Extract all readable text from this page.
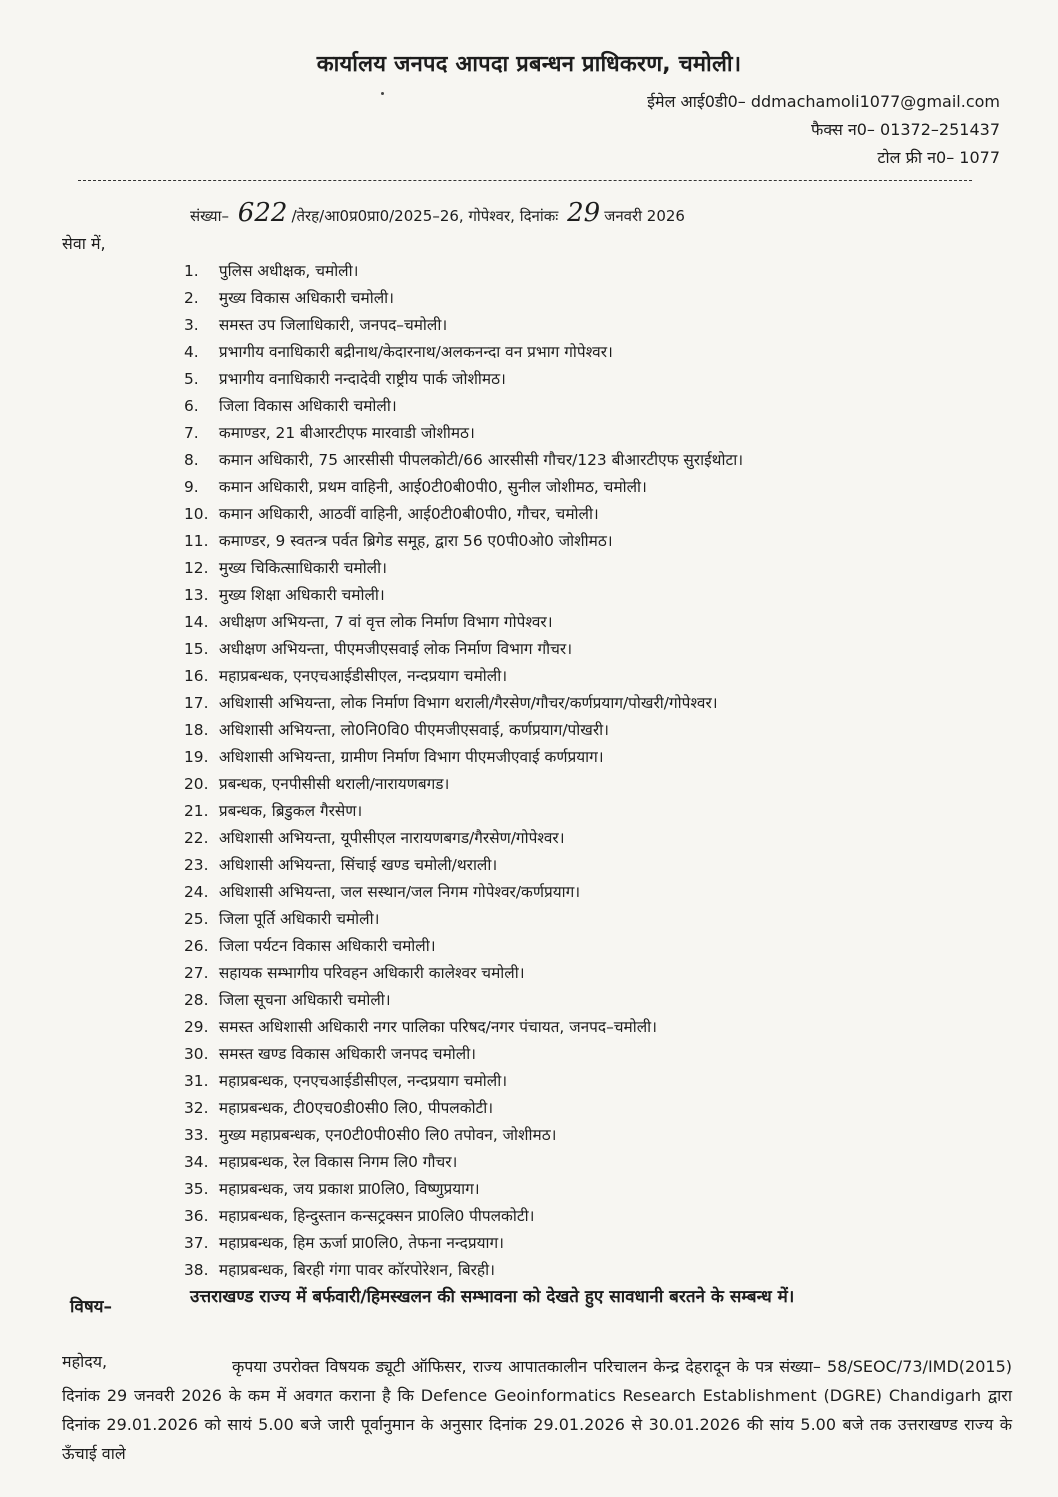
कार्यालय जनपद आपदा प्रबन्धन प्राधिकरण, चमोली।
ईमेल आई0डी0– ddmachamoli1077@gmail.com
फैक्स न0– 01372–251437
टोल फ्री न0– 1077
संख्या– 622 /तेरह/आ0प्र0प्रा0/2025–26, गोपेश्वर, दिनांकः 29 जनवरी 2026
सेवा में,
1. पुलिस अधीक्षक, चमोली।
2. मुख्य विकास अधिकारी चमोली।
3. समस्त उप जिलाधिकारी, जनपद–चमोली।
4. प्रभागीय वनाधिकारी बद्रीनाथ/केदारनाथ/अलकनन्दा वन प्रभाग गोपेश्वर।
5. प्रभागीय वनाधिकारी नन्दादेवी राष्ट्रीय पार्क जोशीमठ।
6. जिला विकास अधिकारी चमोली।
7. कमाण्डर, 21 बीआरटीएफ मारवाडी जोशीमठ।
8. कमान अधिकारी, 75 आरसीसी पीपलकोटी/66 आरसीसी गौचर/123 बीआरटीएफ सुराईथोटा।
9. कमान अधिकारी, प्रथम वाहिनी, आई0टी0बी0पी0, सुनील जोशीमठ, चमोली।
10. कमान अधिकारी, आठवीं वाहिनी, आई0टी0बी0पी0, गौचर, चमोली।
11. कमाण्डर, 9 स्वतन्त्र पर्वत ब्रिगेड समूह, द्वारा 56 ए0पी0ओ0 जोशीमठ।
12. मुख्य चिकित्साधिकारी चमोली।
13. मुख्य शिक्षा अधिकारी चमोली।
14. अधीक्षण अभियन्ता, 7 वां वृत्त लोक निर्माण विभाग गोपेश्वर।
15. अधीक्षण अभियन्ता, पीएमजीएसवाई लोक निर्माण विभाग गौचर।
16. महाप्रबन्धक, एनएचआईडीसीएल, नन्दप्रयाग चमोली।
17. अधिशासी अभियन्ता, लोक निर्माण विभाग थराली/गैरसेण/गौचर/कर्णप्रयाग/पोखरी/गोपेश्वर।
18. अधिशासी अभियन्ता, लो0नि0वि0 पीएमजीएसवाई, कर्णप्रयाग/पोखरी।
19. अधिशासी अभियन्ता, ग्रामीण निर्माण विभाग पीएमजीएवाई कर्णप्रयाग।
20. प्रबन्धक, एनपीसीसी थराली/नारायणबगड।
21. प्रबन्धक, ब्रिडुकल गैरसेण।
22. अधिशासी अभियन्ता, यूपीसीएल नारायणबगड/गैरसेण/गोपेश्वर।
23. अधिशासी अभियन्ता, सिंचाई खण्ड चमोली/थराली।
24. अधिशासी अभियन्ता, जल सस्थान/जल निगम गोपेश्वर/कर्णप्रयाग।
25. जिला पूर्ति अधिकारी चमोली।
26. जिला पर्यटन विकास अधिकारी चमोली।
27. सहायक सम्भागीय परिवहन अधिकारी कालेश्वर चमोली।
28. जिला सूचना अधिकारी चमोली।
29. समस्त अधिशासी अधिकारी नगर पालिका परिषद/नगर पंचायत, जनपद–चमोली।
30. समस्त खण्ड विकास अधिकारी जनपद चमोली।
31. महाप्रबन्धक, एनएचआईडीसीएल, नन्दप्रयाग चमोली।
32. महाप्रबन्धक, टी0एच0डी0सी0 लि0, पीपलकोटी।
33. मुख्य महाप्रबन्धक, एन0टी0पी0सी0 लि0 तपोवन, जोशीमठ।
34. महाप्रबन्धक, रेल विकास निगम लि0 गौचर।
35. महाप्रबन्धक, जय प्रकाश प्रा0लि0, विष्णुप्रयाग।
36. महाप्रबन्धक, हिन्दुस्तान कन्सट्रक्सन प्रा0लि0 पीपलकोटी।
37. महाप्रबन्धक, हिम ऊर्जा प्रा0लि0, तेफना नन्दप्रयाग।
38. महाप्रबन्धक, बिरही गंगा पावर कॉरपोरेशन, बिरही।
विषय–	उत्तराखण्ड राज्य में बर्फवारी/हिमस्खलन की सम्भावना को देखते हुए सावधानी बरतने के सम्बन्ध में।
महोदय,	कृपया उपरोक्त विषयक ड्यूटी ऑफिसर, राज्य आपातकालीन परिचालन केन्द्र देहरादून के पत्र संख्या– 58/SEOC/73/IMD(2015) दिनांक 29 जनवरी 2026 के कम में अवगत कराना है कि Defence Geoinformatics Research Establishment (DGRE) Chandigarh द्वारा दिनांक 29.01.2026 को सायं 5.00 बजे जारी पूर्वानुमान के अनुसार दिनांक 29.01.2026 से 30.01.2026 की सांय 5.00 बजे तक उत्तराखण्ड राज्य के ऊँचाई वाले
